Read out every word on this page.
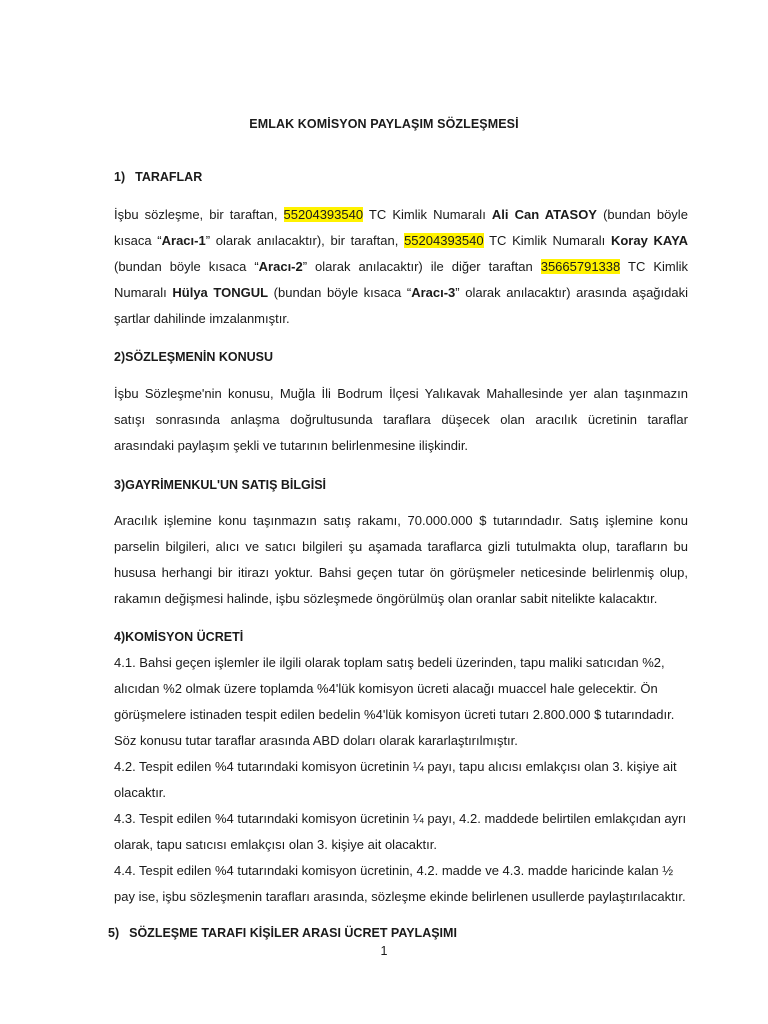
EMLAK KOMİSYON PAYLAŞIM SÖZLEŞMESİ
1) TARAFLAR

İşbu sözleşme, bir taraftan, 55204393540 TC Kimlik Numaralı Ali Can ATASOY (bundan böyle kısaca “Aracı-1” olarak anılacaktır), bir taraftan, 55204393540 TC Kimlik Numaralı Koray KAYA (bundan böyle kısaca “Aracı-2” olarak anılacaktır) ile diğer taraftan 35665791338 TC Kimlik Numaralı Hülya TONGUL (bundan böyle kısaca “Aracı-3” olarak anılacaktır) arasında aşağıdaki şartlar dahilinde imzalanmıştır.

2)SÖZLEŞMENİN KONUSU

İşbu Sözleşme'nin konusu, Muğla İli Bodrum İlçesi Yalıkavak Mahallesinde yer alan taşınmazın satışı sonrasında anlaşma doğrultusunda taraflara düşecek olan aracılık ücretinin taraflar arasındaki paylaşım şekli ve tutarının belirlenmesine ilişkindir.

3)GAYRİMENKUL'UN SATIŞ BİLGİSİ

Aracılık işlemine konu taşınmazın satış rakamı, 70.000.000 $ tutarındadır. Satış işlemine konu parselin bilgileri, alıcı ve satıcı bilgileri şu aşamada taraflarca gizli tutulmakta olup, tarafların bu hususa herhangi bir itirazı yoktur. Bahsi geçen tutar ön görüşmeler neticesinde belirlenmiş olup, rakamın değişmesi halinde, işbu sözleşmede öngörülmüş olan oranlar sabit nitelikte kalacaktır.

4)KOMİSYON ÜCRETİ

4.1. Bahsi geçen işlemler ile ilgili olarak toplam satış bedeli üzerinden, tapu maliki satıcıdan %2, alıcıdan %2 olmak üzere toplamda %4'lük komisyon ücreti alacağı muaccel hale gelecektir. Ön görüşmelere istinaden tespit edilen bedelin %4'lük komisyon ücreti tutarı 2.800.000 $ tutarındadır. Söz konusu tutar taraflar arasında ABD doları olarak kararlaştırılmıştır.

4.2. Tespit edilen %4 tutarındaki komisyon ücretinin ¼ payı, tapu alıcısı emlakçısı olan 3. kişiye ait olacaktır.

4.3. Tespit edilen %4 tutarındaki komisyon ücretinin ¼ payı, 4.2. maddede belirtilen emlakçıdan ayrı olarak, tapu satıcısı emlakçısı olan 3. kişiye ait olacaktır.

4.4. Tespit edilen %4 tutarındaki komisyon ücretinin, 4.2. madde ve 4.3. madde haricinde kalan ½ pay ise, işbu sözleşmenin tarafları arasında, sözleşme ekinde belirlenen usullerde paylaştırılacaktır.

5) SÖZLEŞME TARAFI KİŞİLER ARASI ÜCRET PAYLAŞIMI
1
